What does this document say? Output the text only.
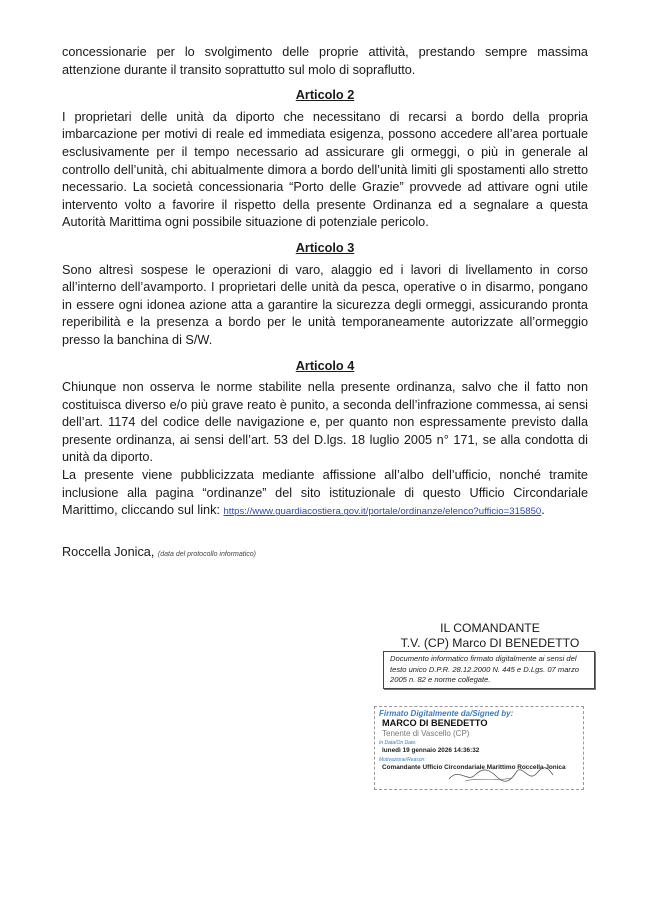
concessionarie per lo svolgimento delle proprie attività, prestando sempre massima attenzione durante il transito soprattutto sul molo di sopraflutto.

Articolo 2

I proprietari delle unità da diporto che necessitano di recarsi a bordo della propria imbarcazione per motivi di reale ed immediata esigenza, possono accedere all’area portuale esclusivamente per il tempo necessario ad assicurare gli ormeggi, o più in generale al controllo dell’unità, chi abitualmente dimora a bordo dell’unità limiti gli spostamenti allo stretto necessario. La società concessionaria “Porto delle Grazie” provvede ad attivare ogni utile intervento volto a favorire il rispetto della presente Ordinanza ed a segnalare a questa Autorità Marittima ogni possibile situazione di potenziale pericolo.

Articolo 3

Sono altresì sospese le operazioni di varo, alaggio ed i lavori di livellamento in corso all’interno dell’avamporto. I proprietari delle unità da pesca, operative o in disarmo, pongano in essere ogni idonea azione atta a garantire la sicurezza degli ormeggi, assicurando pronta reperibilità e la presenza a bordo per le unità temporaneamente autorizzate all’ormeggio presso la banchina di S/W.

Articolo 4

Chiunque non osserva le norme stabilite nella presente ordinanza, salvo che il fatto non costituisca diverso e/o più grave reato è punito, a seconda dell’infrazione commessa, ai sensi dell’art. 1174 del codice delle navigazione e, per quanto non espressamente previsto dalla presente ordinanza, ai sensi dell’art. 53 del D.lgs. 18 luglio 2005 n° 171, se alla condotta di unità da diporto.

La presente viene pubblicizzata mediante affissione all’albo dell’ufficio, nonché tramite inclusione alla pagina “ordinanze” del sito istituzionale di questo Ufficio Circondariale Marittimo, cliccando sul link: https://www.guardiacostiera.gov.it/portale/ordinanze/elenco?ufficio=315850.

Roccella Jonica, (data del protocollo informatico)
IL COMANDANTE
T.V. (CP) Marco DI BENEDETTO
Documento informatico firmato digitalmente ai sensi del testo unico D.P.R. 28.12.2000 N. 445 e D.Lgs. 07 marzo 2005 n. 82 e norme collegate.
Firmato Digitalmente da/Signed by:
MARCO DI BENEDETTO
Tenente di Vascello (CP)
In Data/On Date:
lunedì 19 gennaio 2026 14:36:32
Motivazione/Reason:
Comandante Ufficio Circondariale Marittimo Roccella Jonica
